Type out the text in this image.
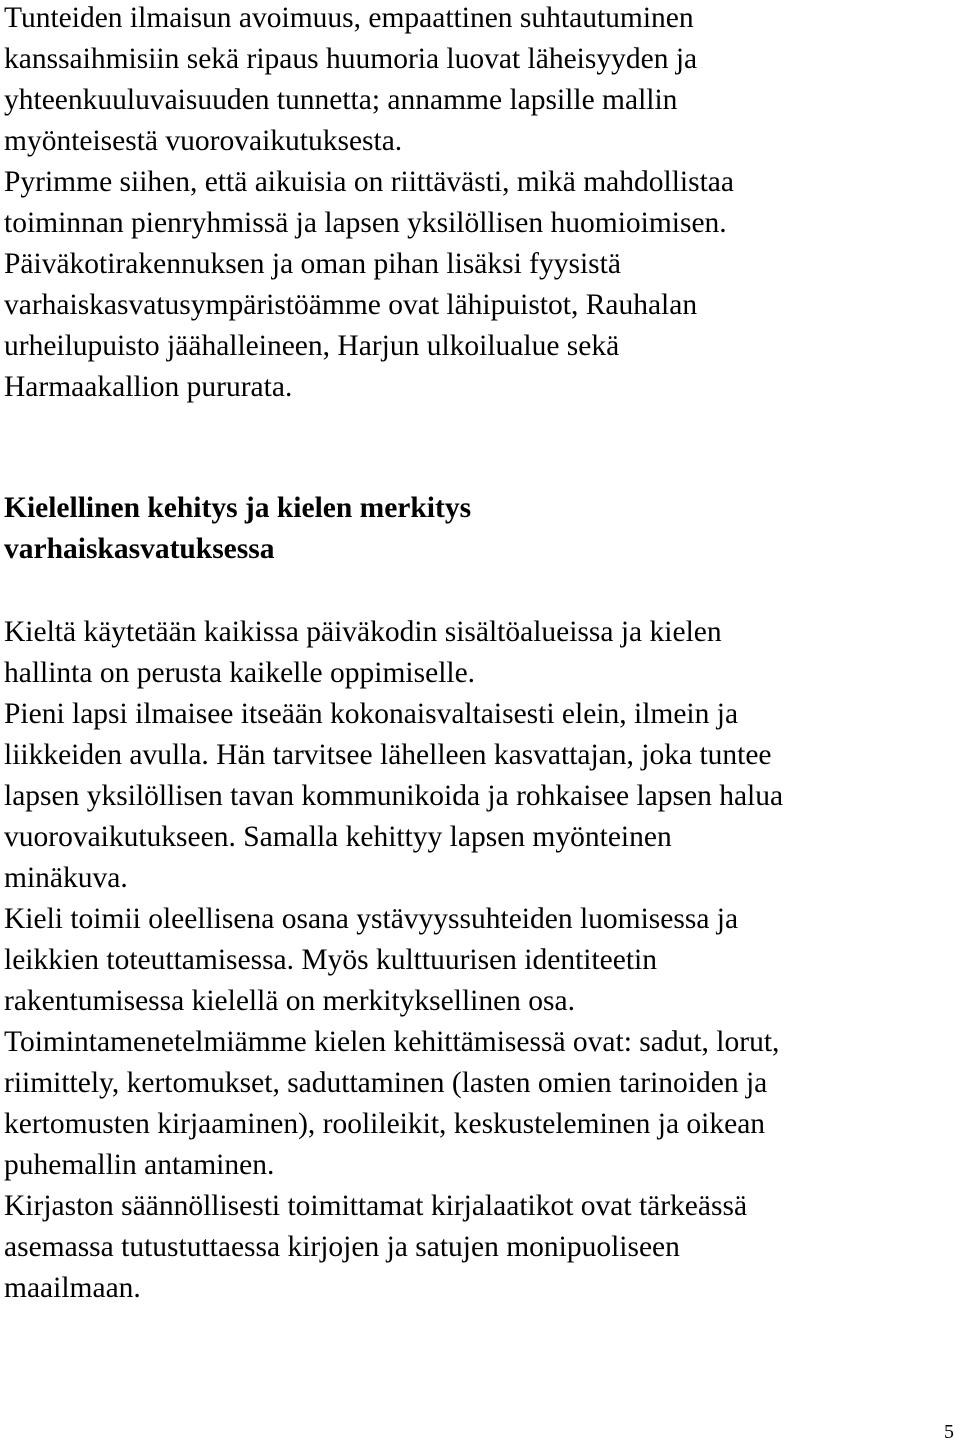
Tunteiden ilmaisun avoimuus, empaattinen suhtautuminen

kanssaihmisiin sekä ripaus huumoria luovat läheisyyden ja

yhteenkuuluvaisuuden tunnetta; annamme lapsille mallin

myönteisestä vuorovaikutuksesta.

Pyrimme siihen, että aikuisia on riittävästi, mikä mahdollistaa

toiminnan pienryhmissä ja lapsen yksilöllisen huomioimisen.

Päiväkotirakennuksen ja oman pihan lisäksi fyysistä

varhaiskasvatusympäristöämme ovat lähipuistot, Rauhalan

urheilupuisto jäähalleineen, Harjun ulkoilualue sekä

Harmaakallion pururata.

Kielellinen kehitys ja kielen merkitys

varhaiskasvatuksessa

Kieltä käytetään kaikissa päiväkodin sisältöalueissa ja kielen

hallinta on perusta kaikelle oppimiselle.

Pieni lapsi ilmaisee itseään kokonaisvaltaisesti elein, ilmein ja

liikkeiden avulla. Hän tarvitsee lähelleen kasvattajan, joka tuntee

lapsen yksilöllisen tavan kommunikoida ja rohkaisee lapsen halua

vuorovaikutukseen. Samalla kehittyy lapsen myönteinen

minäkuva.

Kieli toimii oleellisena osana ystävyyssuhteiden luomisessa ja

leikkien toteuttamisessa. Myös kulttuurisen identiteetin

rakentumisessa kielellä on merkityksellinen osa.

Toimintamenetelmiämme kielen kehittämisessä ovat: sadut, lorut,

riimittely, kertomukset, saduttaminen (lasten omien tarinoiden ja

kertomusten kirjaaminen), roolileikit, keskusteleminen ja oikean

puhemallin antaminen.

Kirjaston säännöllisesti toimittamat kirjalaatikot ovat tärkeässä

asemassa tutustuttaessa kirjojen ja satujen monipuoliseen

maailmaan.

5
